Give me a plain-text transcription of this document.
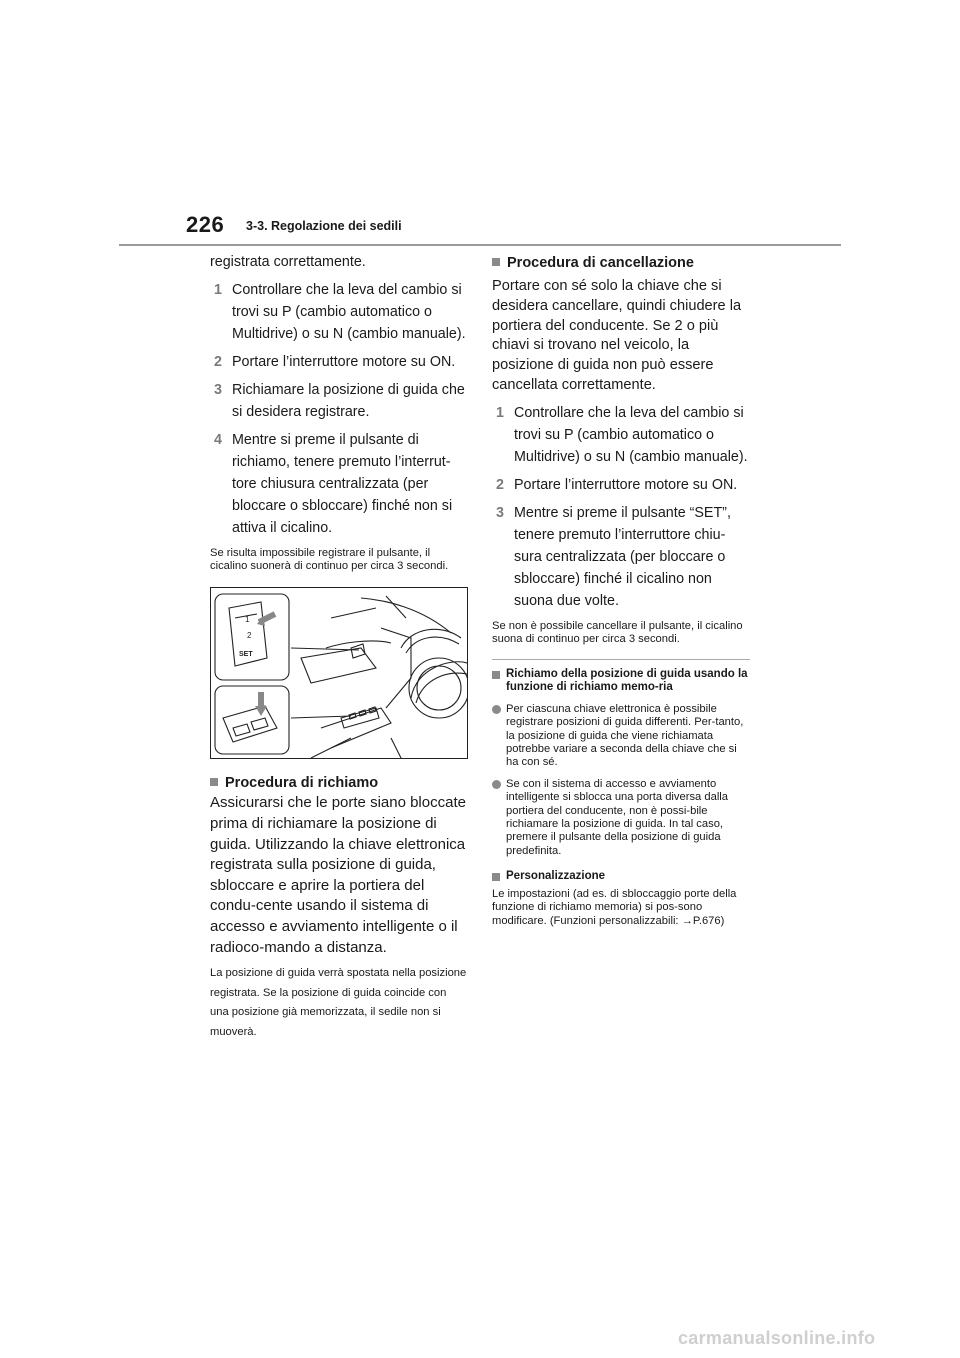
226 3-3. Regolazione dei sedili

registrata correttamente.

1 Controllare che la leva del cambio si trovi su P (cambio automatico o Multidrive) o su N (cambio manuale).
2 Portare l’interruttore motore su ON.
3 Richiamare la posizione di guida che si desidera registrare.
4 Mentre si preme il pulsante di richiamo, tenere premuto l’interrut-tore chiusura centralizzata (per bloccare o sbloccare) finché non si attiva il cicalino.

Se risulta impossibile registrare il pulsante, il cicalino suonerà di continuo per circa 3 secondi.

1
2
SET

Procedura di richiamo

Assicurarsi che le porte siano bloccate prima di richiamare la posizione di guida. Utilizzando la chiave elettronica registrata sulla posizione di guida, sbloccare e aprire la portiera del condu-cente usando il sistema di accesso e avviamento intelligente o il radioco-mando a distanza.

La posizione di guida verrà spostata nella posizione registrata. Se la posizione di guida coincide con una posizione già memorizzata, il sedile non si muoverà.

Procedura di cancellazione

Portare con sé solo la chiave che si desidera cancellare, quindi chiudere la portiera del conducente. Se 2 o più chiavi si trovano nel veicolo, la posizione di guida non può essere cancellata correttamente.

1 Controllare che la leva del cambio si trovi su P (cambio automatico o Multidrive) o su N (cambio manuale).
2 Portare l’interruttore motore su ON.
3 Mentre si preme il pulsante “SET”, tenere premuto l’interruttore chiu-sura centralizzata (per bloccare o sbloccare) finché il cicalino non suona due volte.

Se non è possibile cancellare il pulsante, il cicalino suona di continuo per circa 3 secondi.

Richiamo della posizione di guida usando la funzione di richiamo memo-ria

Per ciascuna chiave elettronica è possibile registrare posizioni di guida differenti. Per-tanto, la posizione di guida che viene richiamata potrebbe variare a seconda della chiave che si ha con sé.
Se con il sistema di accesso e avviamento intelligente si sblocca una porta diversa dalla portiera del conducente, non è possi-bile richiamare la posizione di guida. In tal caso, premere il pulsante della posizione di guida predefinita.

Personalizzazione

Le impostazioni (ad es. di sbloccaggio porte della funzione di richiamo memoria) si pos-sono modificare. (Funzioni personalizzabili: →P.676)

carmanualsonline.info
